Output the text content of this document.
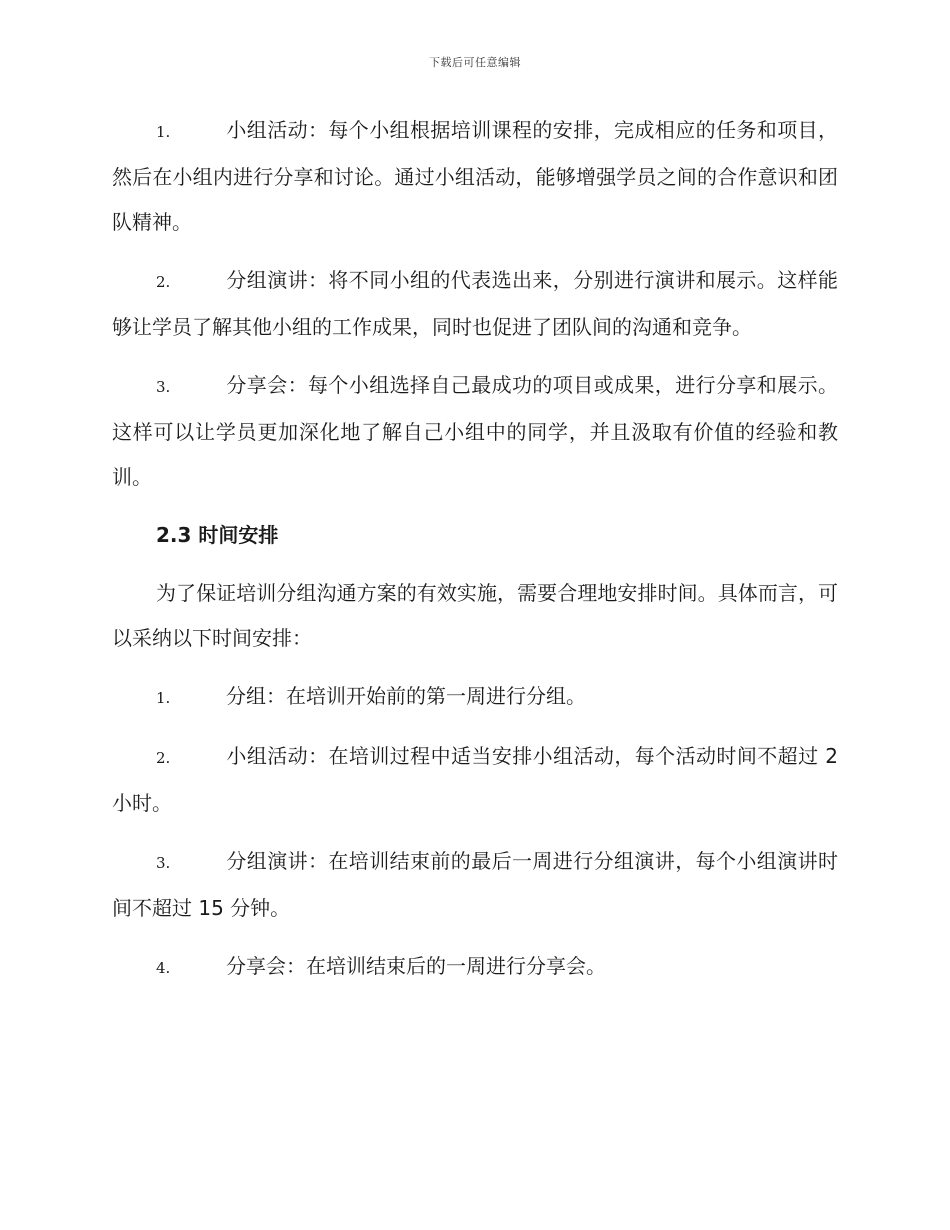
下载后可任意编辑

1.	小组活动：每个小组根据培训课程的安排，完成相应的任务和项目，然后在小组内进行分享和讨论。通过小组活动，能够增强学员之间的合作意识和团队精神。

2.	分组演讲：将不同小组的代表选出来，分别进行演讲和展示。这样能够让学员了解其他小组的工作成果，同时也促进了团队间的沟通和竞争。

3.	分享会：每个小组选择自己最成功的项目或成果，进行分享和展示。这样可以让学员更加深化地了解自己小组中的同学，并且汲取有价值的经验和教训。

2.3 时间安排

为了保证培训分组沟通方案的有效实施，需要合理地安排时间。具体而言，可以采纳以下时间安排：

1.	分组：在培训开始前的第一周进行分组。

2.	小组活动：在培训过程中适当安排小组活动，每个活动时间不超过 2 小时。

3.	分组演讲：在培训结束前的最后一周进行分组演讲，每个小组演讲时间不超过 15 分钟。

4.	分享会：在培训结束后的一周进行分享会。
